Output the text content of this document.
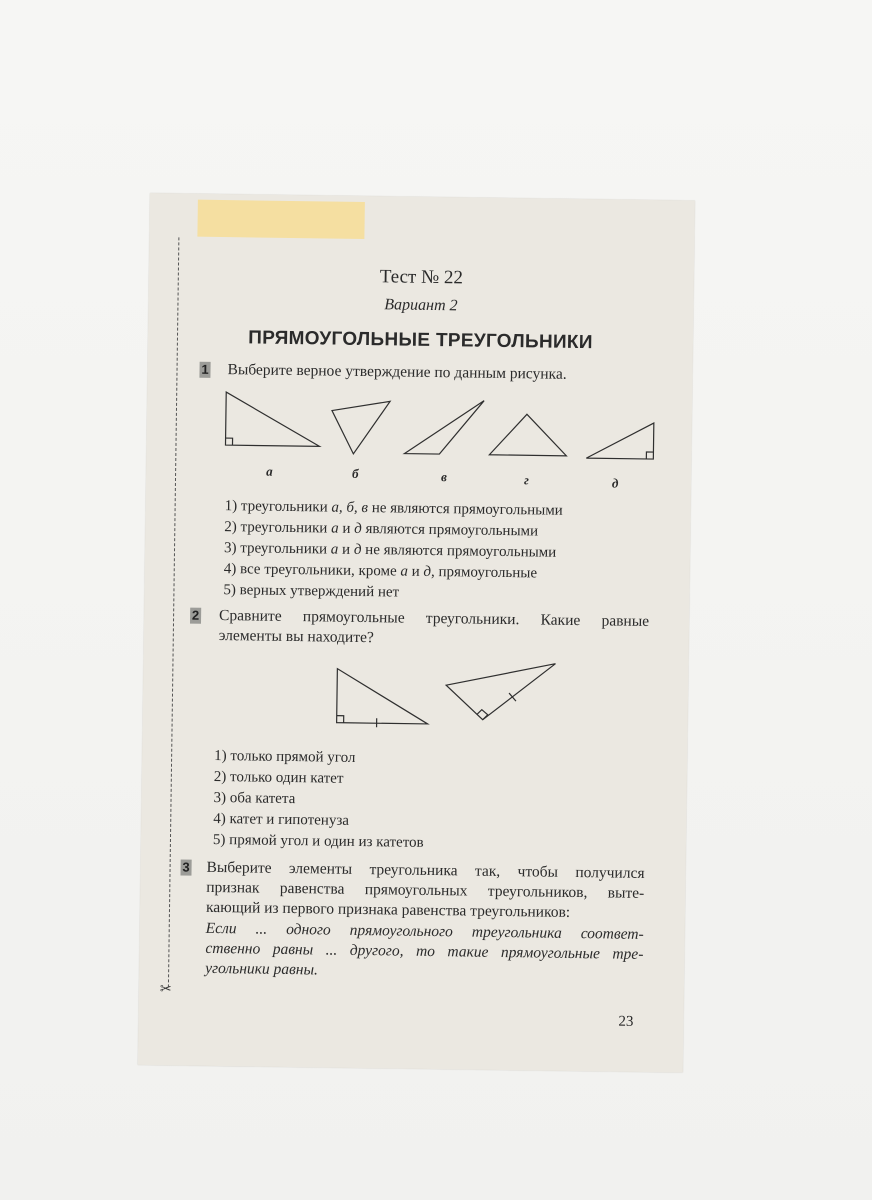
✂
Тест № 22
Вариант 2
ПРЯМОУГОЛЬНЫЕ ТРЕУГОЛЬНИКИ
1 Выберите верное утверждение по данным рисунка.
а	б	в	г	д
1) треугольники а, б, в не являются прямоугольными
2) треугольники а и д являются прямоугольными
3) треугольники а и д не являются прямоугольными
4) все треугольники, кроме а и д, прямоугольные
5) верных утверждений нет
2 Сравните прямоугольные треугольники. Какие равные
элементы вы находите?
1) только прямой угол
2) только один катет
3) оба катета
4) катет и гипотенуза
5) прямой угол и один из катетов
3 Выберите элементы треугольника так, чтобы получился
признак равенства прямоугольных треугольников, выте-
кающий из первого признака равенства треугольников:
Если ... одного прямоугольного треугольника соответ-
ственно равны ... другого, то такие прямоугольные тре-
угольники равны.
23
